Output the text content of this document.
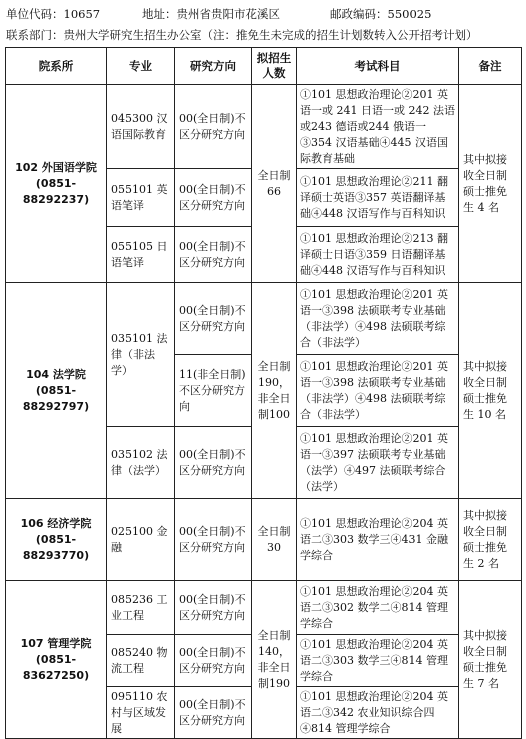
单位代码：10657	地址：贵州省贵阳市花溪区	邮政编码：550025
联系部门：贵州大学研究生招生办公室（注：推免生未完成的招生计划数转入公开招考计划）
院系所	专业	研究方向	拟招生人数	考试科目	备注

102 外国语学院
(0851-88292237)	045300 汉语国际教育	00(全日制)不区分研究方向	全日制66	①101 思想政治理论②201 英语一或 241 日语一或 242 法语或243 德语或244 俄语一③354 汉语基础④445 汉语国际教育基础	其中拟接收全日制硕士推免生 4 名
	055101 英语笔译	00(全日制)不区分研究方向		①101 思想政治理论②211 翻译硕士英语③357 英语翻译基础④448 汉语写作与百科知识	
	055105 日语笔译	00(全日制)不区分研究方向		①101 思想政治理论②213 翻译硕士日语③359 日语翻译基础④448 汉语写作与百科知识	

104 法学院
(0851-88292797)	035101 法律（非法学）	00(全日制)不区分研究方向	全日制190，非全日制100	①101 思想政治理论②201 英语一③398 法硕联考专业基础（非法学）④498 法硕联考综合（非法学）	其中拟接收全日制硕士推免生 10 名
		11(非全日制)不区分研究方向		①101 思想政治理论②201 英语一③398 法硕联考专业基础（非法学）④498 法硕联考综合（非法学）	
	035102 法律（法学）	00(全日制)不区分研究方向		①101 思想政治理论②201 英语一③397 法硕联考专业基础（法学）④497 法硕联考综合（法学）	

106 经济学院
(0851-88293770)	025100 金融	00(全日制)不区分研究方向	全日制30	①101 思想政治理论②204 英语二③303 数学三④431 金融学综合	其中拟接收全日制硕士推免生 2 名

107 管理学院
(0851-83627250)	085236 工业工程	00(全日制)不区分研究方向	全日制140，非全日制190	①101 思想政治理论②204 英语二③302 数学二④814 管理学综合	其中拟接收全日制硕士推免生 7 名
	085240 物流工程	00(全日制)不区分研究方向		①101 思想政治理论②204 英语二③303 数学三④814 管理学综合	
	095110 农村与区域发展	00(全日制)不区分研究方向		①101 思想政治理论②204 英语二③342 农业知识综合四④814 管理学综合	
